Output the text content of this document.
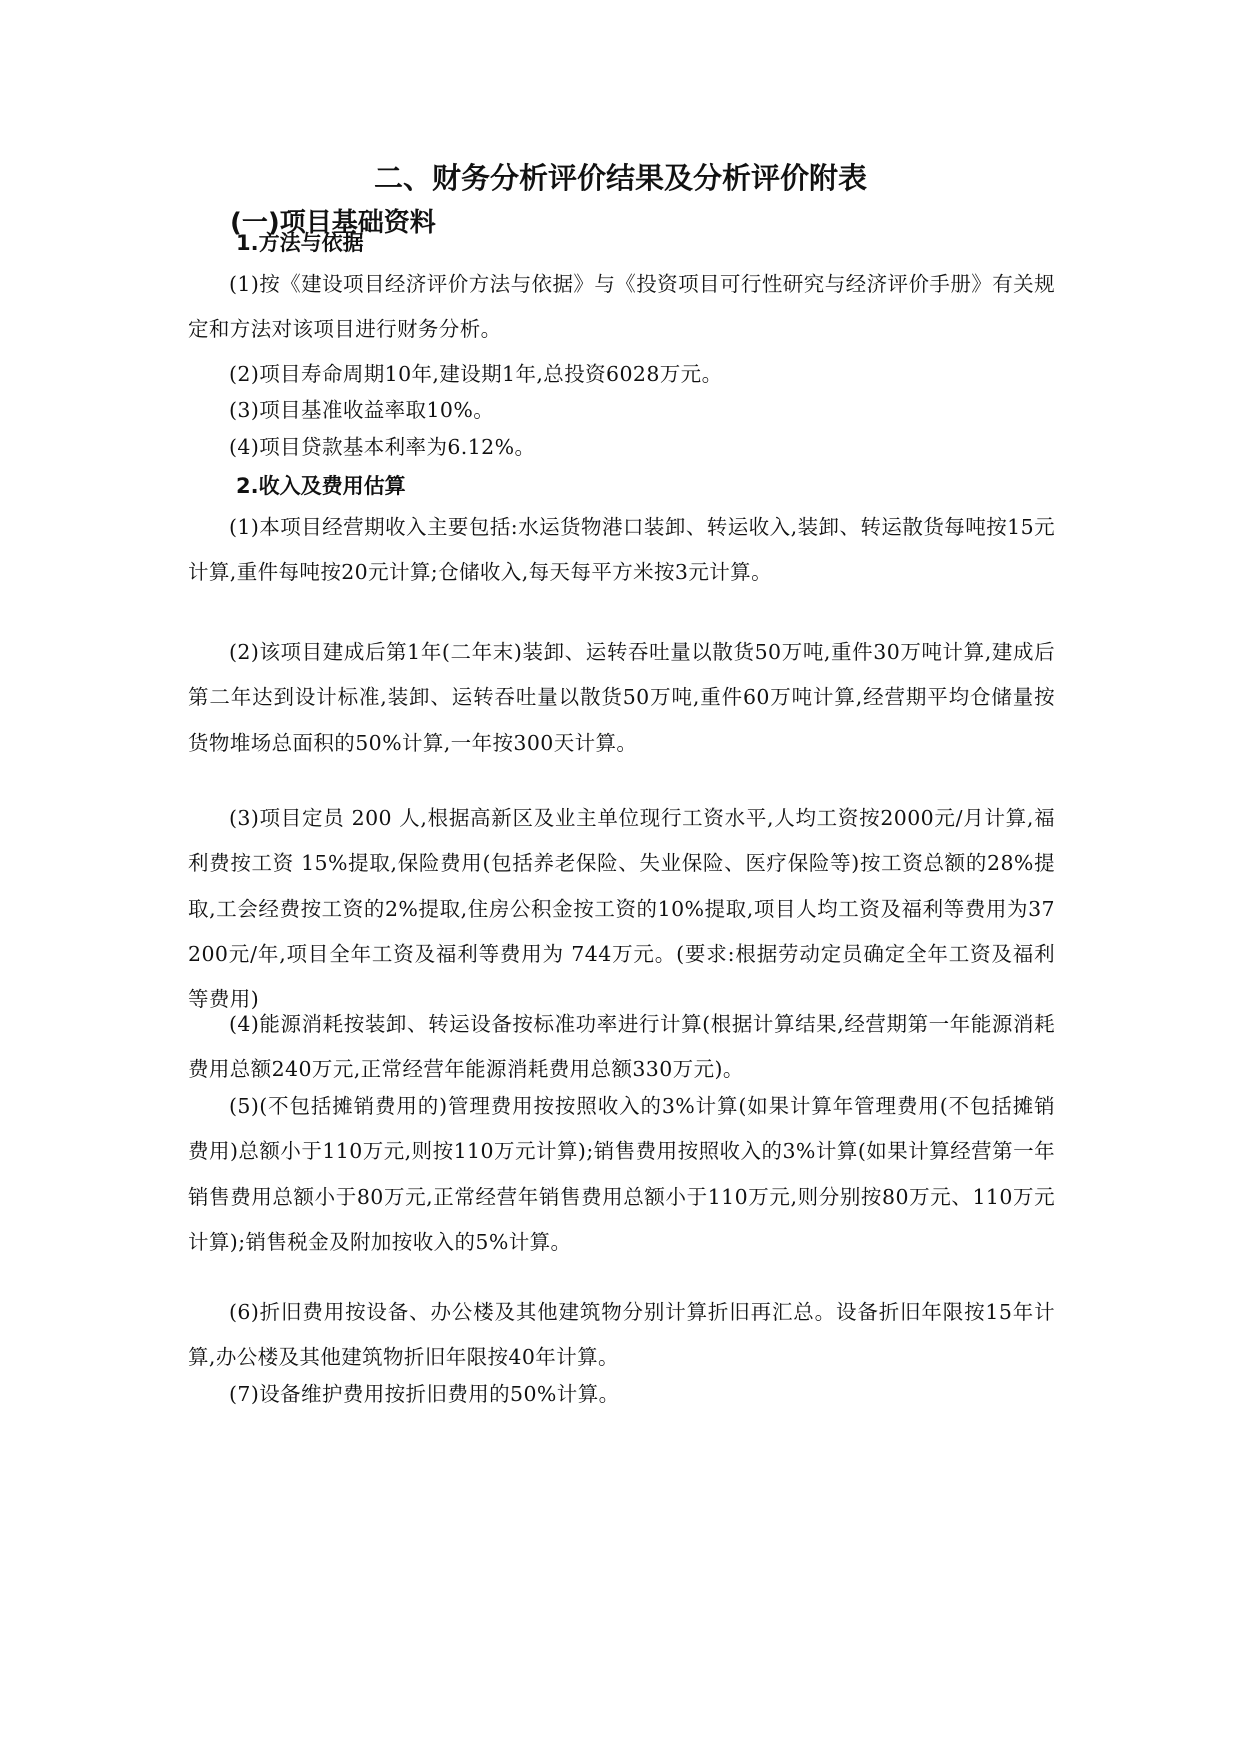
二、财务分析评价结果及分析评价附表
(一)项目基础资料
1.方法与依据
(1)按《建设项目经济评价方法与依据》与《投资项目可行性研究与经济评价手册》有关规定和方法对该项目进行财务分析。
(2)项目寿命周期10年,建设期1年,总投资6028万元。
(3)项目基准收益率取10%。
(4)项目贷款基本利率为6.12%。
2.收入及费用估算
(1)本项目经营期收入主要包括:水运货物港口装卸、转运收入,装卸、转运散货每吨按15元计算,重件每吨按20元计算;仓储收入,每天每平方米按3元计算。
(2)该项目建成后第1年(二年末)装卸、运转吞吐量以散货50万吨,重件30万吨计算,建成后第二年达到设计标准,装卸、运转吞吐量以散货50万吨,重件60万吨计算,经营期平均仓储量按货物堆场总面积的50%计算,一年按300天计算。
(3)项目定员 200 人,根据高新区及业主单位现行工资水平,人均工资按2000元/月计算,福利费按工资 15%提取,保险费用(包括养老保险、失业保险、医疗保险等)按工资总额的28%提取,工会经费按工资的2%提取,住房公积金按工资的10%提取,项目人均工资及福利等费用为37200元/年,项目全年工资及福利等费用为 744万元。(要求:根据劳动定员确定全年工资及福利等费用)
(4)能源消耗按装卸、转运设备按标准功率进行计算(根据计算结果,经营期第一年能源消耗费用总额240万元,正常经营年能源消耗费用总额330万元)。
(5)(不包括摊销费用的)管理费用按按照收入的3%计算(如果计算年管理费用(不包括摊销费用)总额小于110万元,则按110万元计算);销售费用按照收入的3%计算(如果计算经营第一年销售费用总额小于80万元,正常经营年销售费用总额小于110万元,则分别按80万元、110万元计算);销售税金及附加按收入的5%计算。
(6)折旧费用按设备、办公楼及其他建筑物分别计算折旧再汇总。设备折旧年限按15年计算,办公楼及其他建筑物折旧年限按40年计算。
(7)设备维护费用按折旧费用的50%计算。
